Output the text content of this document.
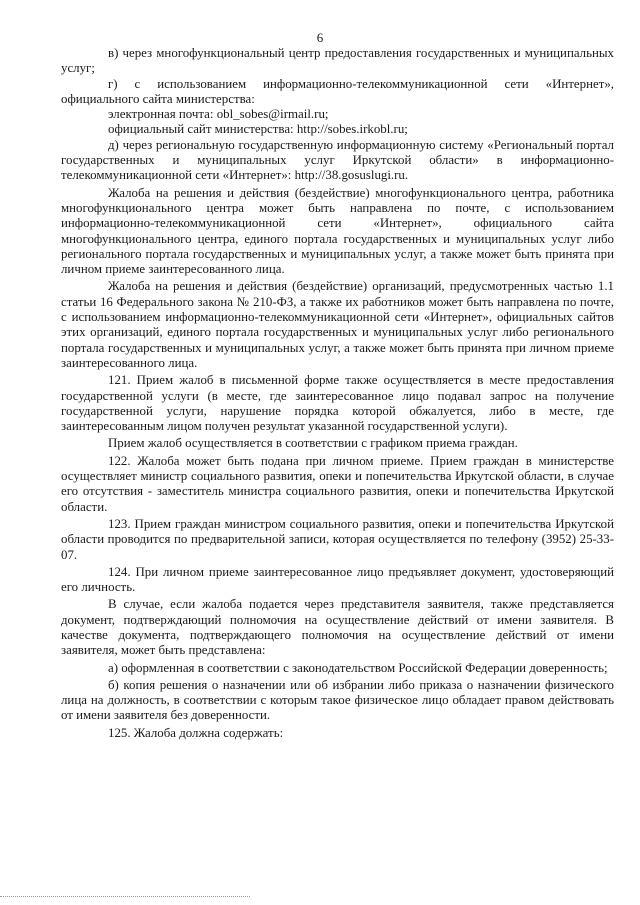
6

в) через многофункциональный центр предоставления государственных и муниципальных услуг;

г) с использованием информационно-телекоммуникационной сети «Интернет», официального сайта министерства:

электронная почта: obl_sobes@irmail.ru;

официальный сайт министерства: http://sobes.irkobl.ru;

д) через региональную государственную информационную систему «Региональный портал государственных и муниципальных услуг Иркутской области» в информационно-телекоммуникационной сети «Интернет»: http://38.gosuslugi.ru.

Жалоба на решения и действия (бездействие) многофункционального центра, работника многофункционального центра может быть направлена по почте, с использованием информационно-телекоммуникационной сети «Интернет», официального сайта многофункционального центра, единого портала государственных и муниципальных услуг либо регионального портала государственных и муниципальных услуг, а также может быть принята при личном приеме заинтересованного лица.

Жалоба на решения и действия (бездействие) организаций, предусмотренных частью 1.1 статьи 16 Федерального закона № 210-ФЗ, а также их работников может быть направлена по почте, с использованием информационно-телекоммуникационной сети «Интернет», официальных сайтов этих организаций, единого портала государственных и муниципальных услуг либо регионального портала государственных и муниципальных услуг, а также может быть принята при личном приеме заинтересованного лица.

121. Прием жалоб в письменной форме также осуществляется в месте предоставления государственной услуги (в месте, где заинтересованное лицо подавал запрос на получение государственной услуги, нарушение порядка которой обжалуется, либо в месте, где заинтересованным лицом получен результат указанной государственной услуги).

Прием жалоб осуществляется в соответствии с графиком приема граждан.

122. Жалоба может быть подана при личном приеме. Прием граждан в министерстве осуществляет министр социального развития, опеки и попечительства Иркутской области, в случае его отсутствия - заместитель министра социального развития, опеки и попечительства Иркутской области.

123. Прием граждан министром социального развития, опеки и попечительства Иркутской области проводится по предварительной записи, которая осуществляется по телефону (3952) 25-33-07.

124. При личном приеме заинтересованное лицо предъявляет документ, удостоверяющий его личность.

В случае, если жалоба подается через представителя заявителя, также представляется документ, подтверждающий полномочия на осуществление действий от имени заявителя. В качестве документа, подтверждающего полномочия на осуществление действий от имени заявителя, может быть представлена:

а) оформленная в соответствии с законодательством Российской Федерации доверенность;

б) копия решения о назначении или об избрании либо приказа о назначении физического лица на должность, в соответствии с которым такое физическое лицо обладает правом действовать от имени заявителя без доверенности.

125. Жалоба должна содержать:
